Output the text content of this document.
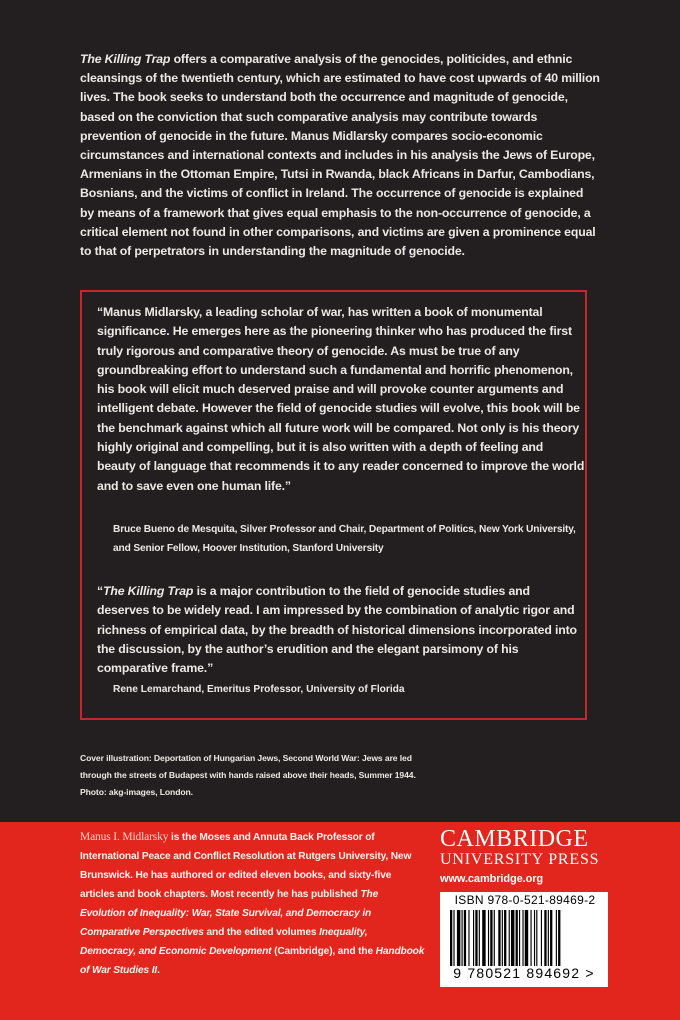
The Killing Trap offers a comparative analysis of the genocides, politicides, and ethnic cleansings of the twentieth century, which are estimated to have cost upwards of 40 million lives. The book seeks to understand both the occurrence and magnitude of genocide, based on the conviction that such comparative analysis may contribute towards prevention of genocide in the future. Manus Midlarsky compares socio-economic circumstances and international contexts and includes in his analysis the Jews of Europe, Armenians in the Ottoman Empire, Tutsi in Rwanda, black Africans in Darfur, Cambodians, Bosnians, and the victims of conflict in Ireland. The occurrence of genocide is explained by means of a framework that gives equal emphasis to the non-occurrence of genocide, a critical element not found in other comparisons, and victims are given a prominence equal to that of perpetrators in understanding the magnitude of genocide.
“Manus Midlarsky, a leading scholar of war, has written a book of monumental significance. He emerges here as the pioneering thinker who has produced the first truly rigorous and comparative theory of genocide. As must be true of any groundbreaking effort to understand such a fundamental and horrific phenomenon, his book will elicit much deserved praise and will provoke counter arguments and intelligent debate. However the field of genocide studies will evolve, this book will be the benchmark against which all future work will be compared. Not only is his theory highly original and compelling, but it is also written with a depth of feeling and beauty of language that recommends it to any reader concerned to improve the world and to save even one human life.”
Bruce Bueno de Mesquita, Silver Professor and Chair, Department of Politics, New York University, and Senior Fellow, Hoover Institution, Stanford University
“The Killing Trap is a major contribution to the field of genocide studies and deserves to be widely read. I am impressed by the combination of analytic rigor and richness of empirical data, by the breadth of historical dimensions incorporated into the discussion, by the author’s erudition and the elegant parsimony of his comparative frame.”
Rene Lemarchand, Emeritus Professor, University of Florida
Cover illustration: Deportation of Hungarian Jews, Second World War: Jews are led through the streets of Budapest with hands raised above their heads, Summer 1944. Photo: akg-images, London.
Manus I. Midlarsky is the Moses and Annuta Back Professor of International Peace and Conflict Resolution at Rutgers University, New Brunswick. He has authored or edited eleven books, and sixty-five articles and book chapters. Most recently he has published The Evolution of Inequality: War, State Survival, and Democracy in Comparative Perspectives and the edited volumes Inequality, Democracy, and Economic Development (Cambridge), and the Handbook of War Studies II.
CAMBRIDGE
UNIVERSITY PRESS
www.cambridge.org
ISBN 978-0-521-89469-2
9 780521 894692 >
